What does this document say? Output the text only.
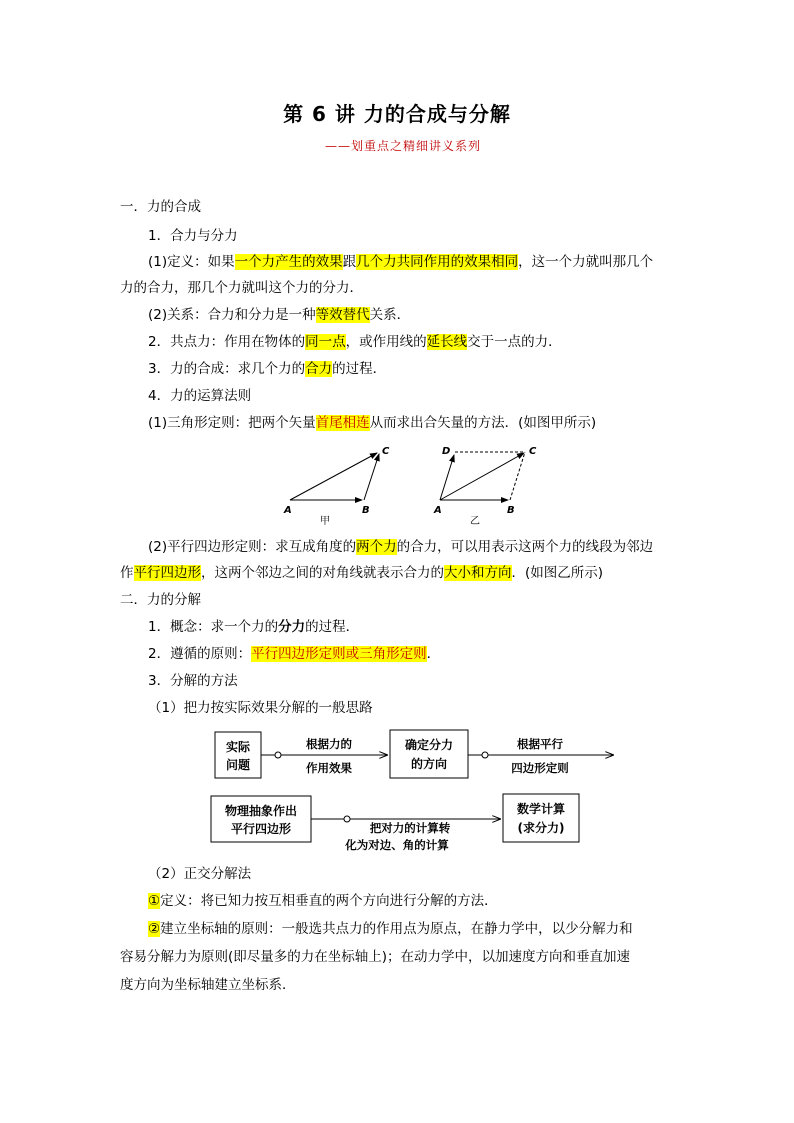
第 6 讲 力的合成与分解
——划重点之精细讲义系列
一．力的合成
1．合力与分力
(1)定义：如果一个力产生的效果跟几个力共同作用的效果相同，这一个力就叫那几个
力的合力，那几个力就叫这个力的分力．
(2)关系：合力和分力是一种等效替代关系．
2．共点力：作用在物体的同一点，或作用线的延长线交于一点的力．
3．力的合成：求几个力的合力的过程．
4．力的运算法则
(1)三角形定则：把两个矢量首尾相连从而求出合矢量的方法．(如图甲所示)
A	B
C
甲
A	B
C
D
乙
(2)平行四边形定则：求互成角度的两个力的合力，可以用表示这两个力的线段为邻边
作平行四边形，这两个邻边之间的对角线就表示合力的大小和方向．(如图乙所示)
二．力的分解
1．概念：求一个力的分力的过程．
2．遵循的原则：平行四边形定则或三角形定则．
3．分解的方法
（1）把力按实际效果分解的一般思路
实际
问题
根据力的
作用效果
确定分力
的方向
根据平行
四边形定则
物理抽象作出
平行四边形	把对力的计算转
化为对边、角的计算
数学计算
(求分力)
（2）正交分解法
①定义：将已知力按互相垂直的两个方向进行分解的方法．
②建立坐标轴的原则：一般选共点力的作用点为原点，在静力学中，以少分解力和
容易分解力为原则(即尽量多的力在坐标轴上)；在动力学中，以加速度方向和垂直加速
度方向为坐标轴建立坐标系．
